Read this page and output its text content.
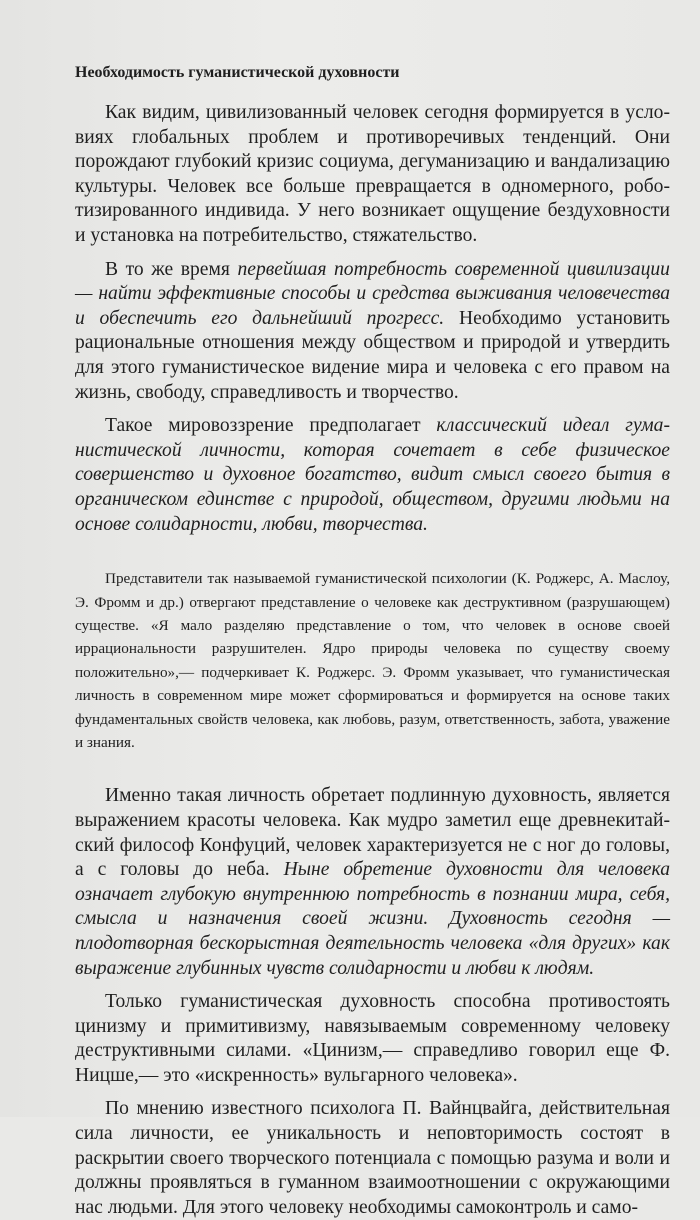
Необходимость гуманистической духовности

Как видим, цивилизованный человек сегодня формируется в условиях глобальных проблем и противоречивых тенденций. Они порождают глубокий кризис социума, дегуманизацию и вандализацию культуры. Человек все больше превращается в одномерного, роботизированного индивида. У него возникает ощущение бездуховности и установка на потребительство, стяжательство.

В то же время первейшая потребность современной цивилизации — найти эффективные способы и средства выживания человечества и обеспечить его дальнейший прогресс. Необходимо установить рациональные отношения между обществом и природой и утвердить для этого гуманистическое видение мира и человека с его правом на жизнь, свободу, справедливость и творчество.

Такое мировоззрение предполагает классический идеал гуманистической личности, которая сочетает в себе физическое совершенство и духовное богатство, видит смысл своего бытия в органическом единстве с природой, обществом, другими людьми на основе солидарности, любви, творчества.

Представители так называемой гуманистической психологии (К. Роджерс, А. Маслоу, Э. Фромм и др.) отвергают представление о человеке как деструктивном (разрушающем) существе. «Я мало разделяю представление о том, что человек в основе своей иррациональности разрушителен. Ядро природы человека по существу своему положительно»,— подчеркивает К. Роджерс. Э. Фромм указывает, что гуманистическая личность в современном мире может сформироваться и формируется на основе таких фундаментальных свойств человека, как любовь, разум, ответственность, забота, уважение и знания.

Именно такая личность обретает подлинную духовность, является выражением красоты человека. Как мудро заметил еще древнекитайский философ Конфуций, человек характеризуется не с ног до головы, а с головы до неба. Ныне обретение духовности для человека означает глубокую внутреннюю потребность в познании мира, себя, смысла и назначения своей жизни. Духовность сегодня — плодотворная бескорыстная деятельность человека «для других» как выражение глубинных чувств солидарности и любви к людям.

Только гуманистическая духовность способна противостоять цинизму и примитивизму, навязываемым современному человеку деструктивными силами. «Цинизм,— справедливо говорил еще Ф. Ницше,— это «искренность» вульгарного человека».

По мнению известного психолога П. Вайнцвайга, действительная сила личности, ее уникальность и неповторимость состоят в раскрытии своего творческого потенциала с помощью разума и воли и должны проявляться в гуманном взаимоотношении с окружающими нас людьми. Для этого человеку необходимы самоконтроль и само-
